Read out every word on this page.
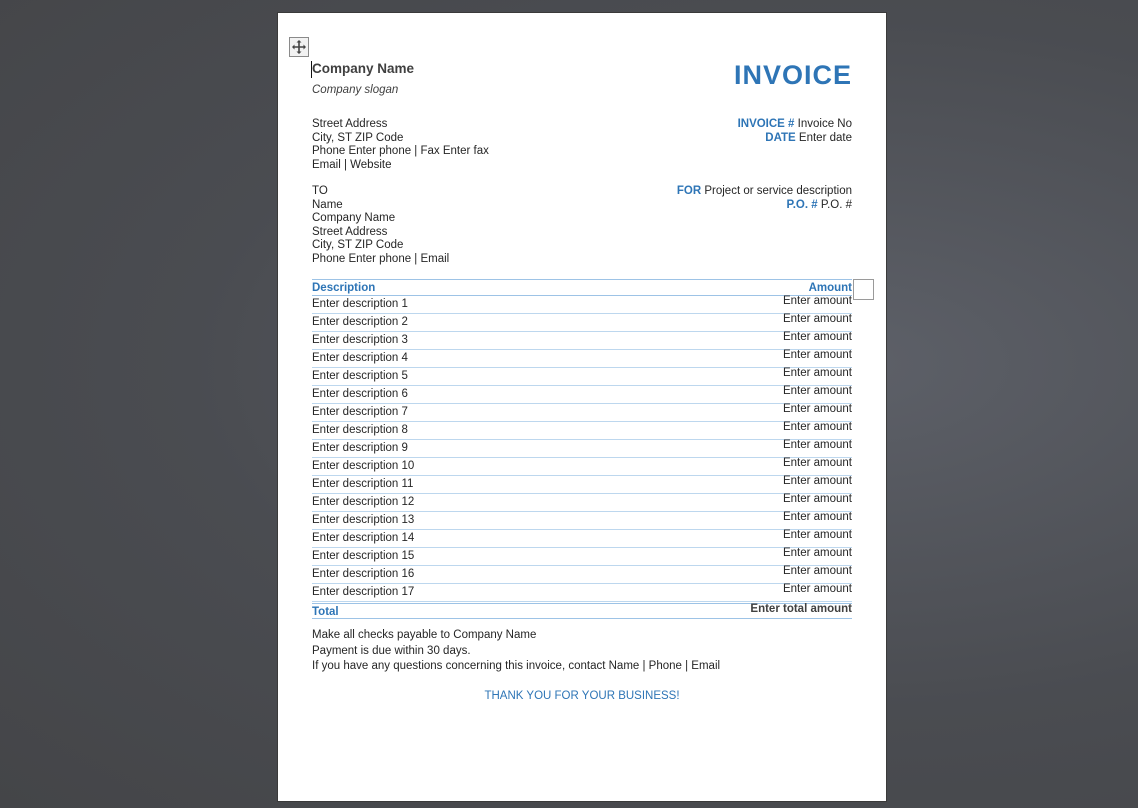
Company Name
Company slogan	INVOICE
Street Address
City, ST ZIP Code
Phone Enter phone | Fax Enter fax
Email | Website
INVOICE # Invoice No
DATE Enter date
FOR Project or service description
P.O. # P.O. #
TO
Name
Company Name
Street Address
City, ST ZIP Code
Phone Enter phone | Email
Description	Amount
Enter description 1	Enter amount
Enter description 2	Enter amount
Enter description 3	Enter amount
Enter description 4	Enter amount
Enter description 5	Enter amount
Enter description 6	Enter amount
Enter description 7	Enter amount
Enter description 8	Enter amount
Enter description 9	Enter amount
Enter description 10	Enter amount
Enter description 11	Enter amount
Enter description 12	Enter amount
Enter description 13	Enter amount
Enter description 14	Enter amount
Enter description 15	Enter amount
Enter description 16	Enter amount
Enter description 17	Enter amount
Total	Enter total amount
Make all checks payable to Company Name
Payment is due within 30 days.
If you have any questions concerning this invoice, contact Name | Phone | Email
THANK YOU FOR YOUR BUSINESS!
